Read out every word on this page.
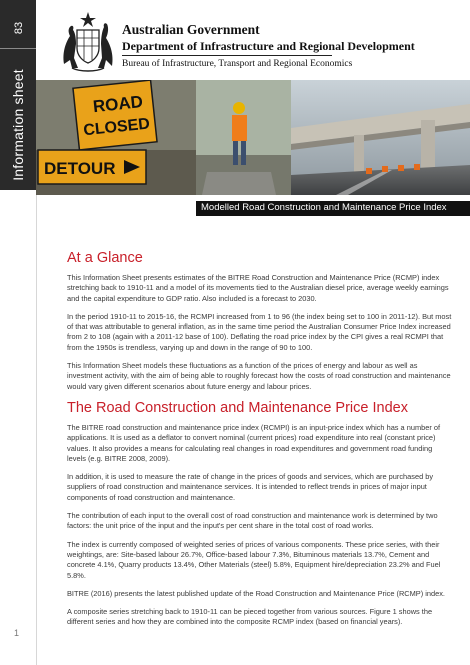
83
Information sheet
1
Australian Government
Department of Infrastructure and Regional Development
Bureau of Infrastructure, Transport and Regional Economics
ROAD
CLOSED
DETOUR
Modelled Road Construction and Maintenance Price Index
At a Glance

This Information Sheet presents estimates of the BITRE Road Construction and Maintenance Price (RCMP) index stretching back to 1910-11 and a model of its movements tied to the Australian diesel price, average weekly earnings and the capital expenditure to GDP ratio. Also included is a forecast to 2030.

In the period 1910-11 to 2015-16, the RCMPI increased from 1 to 96 (the index being set to 100 in 2011-12). But most of that was attributable to general inflation, as in the same time period the Australian Consumer Price Index increased from 2 to 108 (again with a 2011-12 base of 100). Deflating the road price index by the CPI gives a real RCMPI that from the 1950s is trendless, varying up and down in the range of 90 to 100.

This Information Sheet models these fluctuations as a function of the prices of energy and labour as well as investment activity, with the aim of being able to roughly forecast how the costs of road construction and maintenance would vary given different scenarios about future energy and labour prices.

The Road Construction and Maintenance Price Index

The BITRE road construction and maintenance price index (RCMPI) is an input-price index which has a number of applications. It is used as a deflator to convert nominal (current prices) road expenditure into real (constant price) values. It also provides a means for calculating real changes in road expenditures and government road funding levels (e.g. BITRE 2008, 2009).

In addition, it is used to measure the rate of change in the prices of goods and services, which are purchased by suppliers of road construction and maintenance services. It is intended to reflect trends in prices of major input components of road construction and maintenance.

The contribution of each input to the overall cost of road construction and maintenance work is determined by two factors: the unit price of the input and the input's per cent share in the total cost of road works.

The index is currently composed of weighted series of prices of various components. These price series, with their weightings, are: Site-based labour 26.7%, Office-based labour 7.3%, Bituminous materials 13.7%, Cement and concrete 4.1%, Quarry products 13.4%, Other Materials (steel) 5.8%, Equipment hire/depreciation 23.2% and Fuel 5.8%.

BITRE (2016) presents the latest published update of the Road Construction and Maintenance Price (RCMP) index.

A composite series stretching back to 1910-11 can be pieced together from various sources. Figure 1 shows the different series and how they are combined into the composite RCMP index (based on financial years).
